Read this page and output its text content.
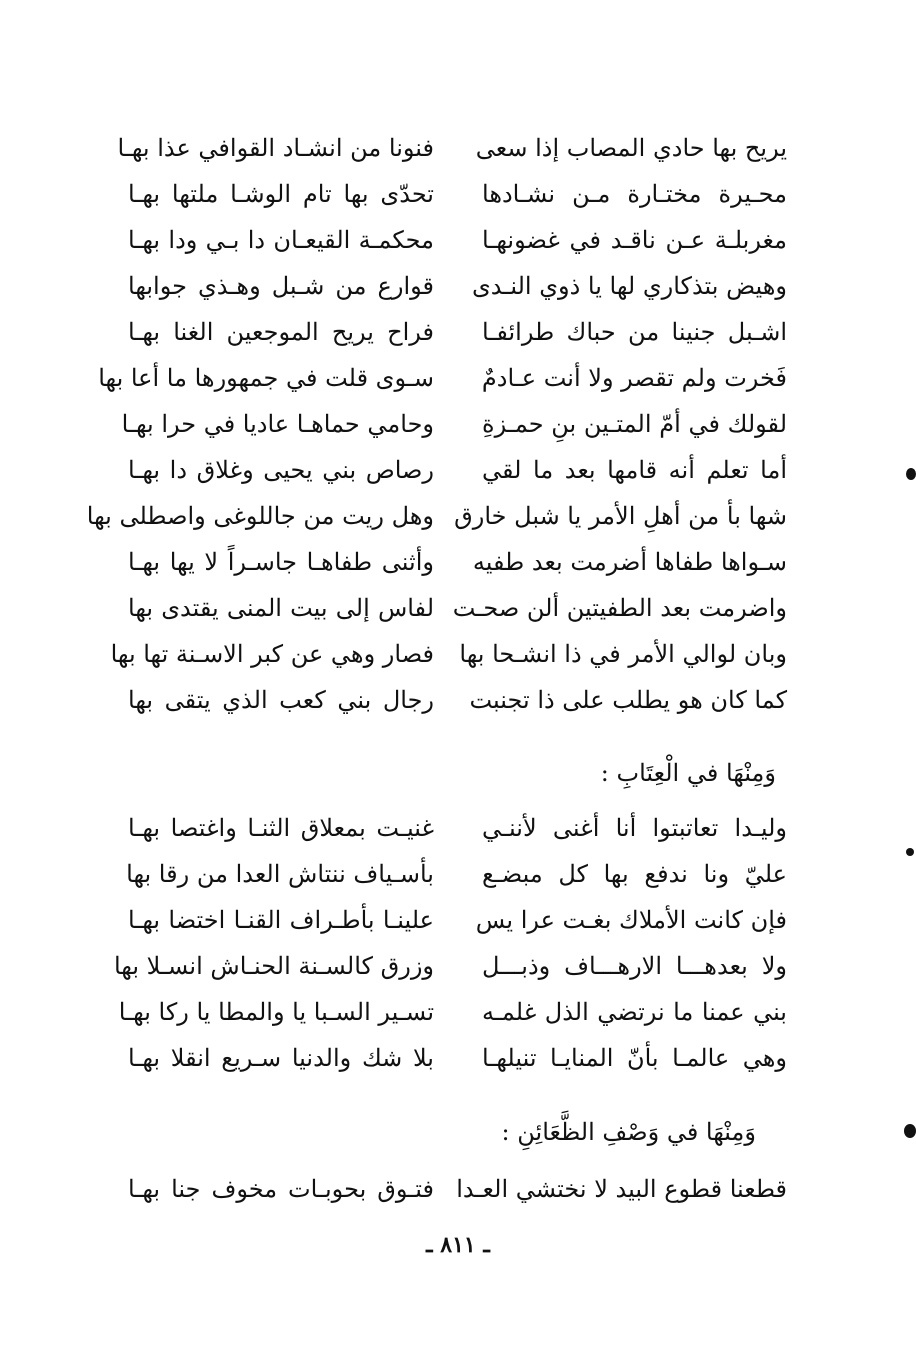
يريح بها حادي المصاب إذا سعى
فنونا من انشـاد القوافي عذا بهـا
محـيرة مختـارة مـن نشـادها
تحدّى بها تام الوشـا ملتها بهـا
مغربلـة عـن ناقـد في غضونهـا
محكمـة القيعـان دا بـي ودا بهـا
وهيض بتذكاري لها يا ذوي النـدى
قوارع من شـبل وهـذي جوابها
اشـبل جنينا من حباك طرائفـا
فراح يريح الموجعين الغنا بهـا
فَخرت ولم تقصر ولا أنت عـادمٌ
سـوى قلت في جمهورها ما أعا بها
لقولك في أمّ المتـين بنِ حمـزةِ
وحامي حماهـا عاديا في حرا بهـا
أما تعلم أنه قامها بعد ما لقي
رصاص بني يحيى وغلاق دا بهـا
شها بأ من أهلِ الأمر يا شبل خارق
وهل ريت من جاللوغى واصطلى بها
سـواها طفاها أضرمت بعد طفيه
وأثنى طفاهـا جاسـراً لا يها بهـا
واضرمت بعد الطفيتين ألن صحـت
لفاس إلى بيت المنى يقتدى بها
وبان لوالي الأمر في ذا انشـحا بها
فصار وهي عن كبر الاسـنة تها بها
كما كان هو يطلب على ذا تجنبت
رجال بني كعب الذي يتقى بها
وَمِنْهَا في الْعِتَابِ :
وليـدا تعاتبتوا أنا أغنى لأننـي
غنيـت بمعلاق الثنـا واغتصا بهـا
عليّ ونا ندفع بها كل مبضـع
بأسـياف ننتاش العدا من رقا بها
فإن كانت الأملاك بغـت عرا يس
علينـا بأطـراف القنـا اختضا بهـا
ولا بعدهـــا الارهـــاف وذبـــل
وزرق كالسـنة الحنـاش انسـلا بها
بني عمنا ما نرتضي الذل غلمـه
تسـير السـبا يا والمطا يا ركا بهـا
وهي عالمـا بأنّ المنايـا تنيلهـا
بلا شك والدنيا سـريع انقلا بهـا
وَمِنْهَا في وَصْفِ الظَّعَائِنِ :
قطعنا قطوع البيد لا نختشي العـدا
فتـوق بحوبـات مخوف جنا بهـا
ـ ٨١١ ـ
